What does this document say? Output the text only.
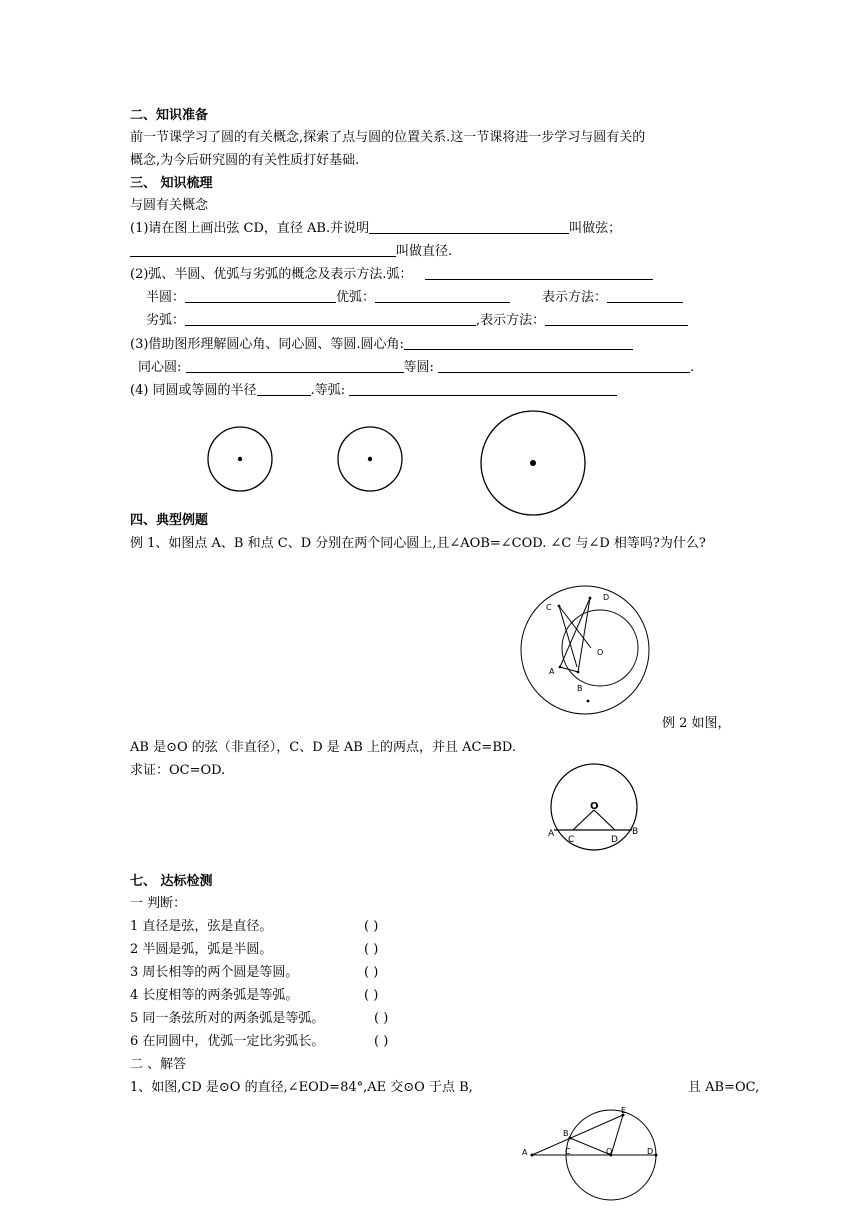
二、知识准备
前一节课学习了圆的有关概念,探索了点与圆的位置关系.这一节课将进一步学习与圆有关的
概念,为今后研究圆的有关性质打好基础.
三、 知识梳理
与圆有关概念
(1)请在图上画出弦 CD，直径 AB.并说明	叫做弦；
叫做直径.
(2)弧、半圆、优弧与劣弧的概念及表示方法.弧：
半圆：	优弧：	表示方法：
劣弧：	,表示方法：
(3)借助图形理解圆心角、同心圆、等圆.圆心角:
同心圆:	等圆:	.
(4) 同圆或等圆的半径	.等弧:
四、典型例题
例 1、如图点 A、B 和点 C、D 分别在两个同心圆上,且∠AOB=∠COD. ∠C 与∠D 相等吗?为什么?
C
D
O
A
B
例 2 如图，
AB 是⊙O 的弦（非直径），C、D 是 AB 上的两点，并且 AC=BD.
求证：OC=OD.
O
A
C	D
B
七、 达标检测
一 判断：
1 直径是弦，弦是直径。	( )
2 半圆是弧，弧是半圆。	( )
3 周长相等的两个圆是等圆。	( )
4 长度相等的两条弧是等弧。	( )
5 同一条弦所对的两条弧是等弧。	( )
6 在同圆中，优弧一定比劣弧长。	( )
二 、解答
1、如图,CD 是⊙O 的直径,∠EOD=84°,AE 交⊙O 于点 B,	且 AB=OC,
E
B
A	C	O	D
